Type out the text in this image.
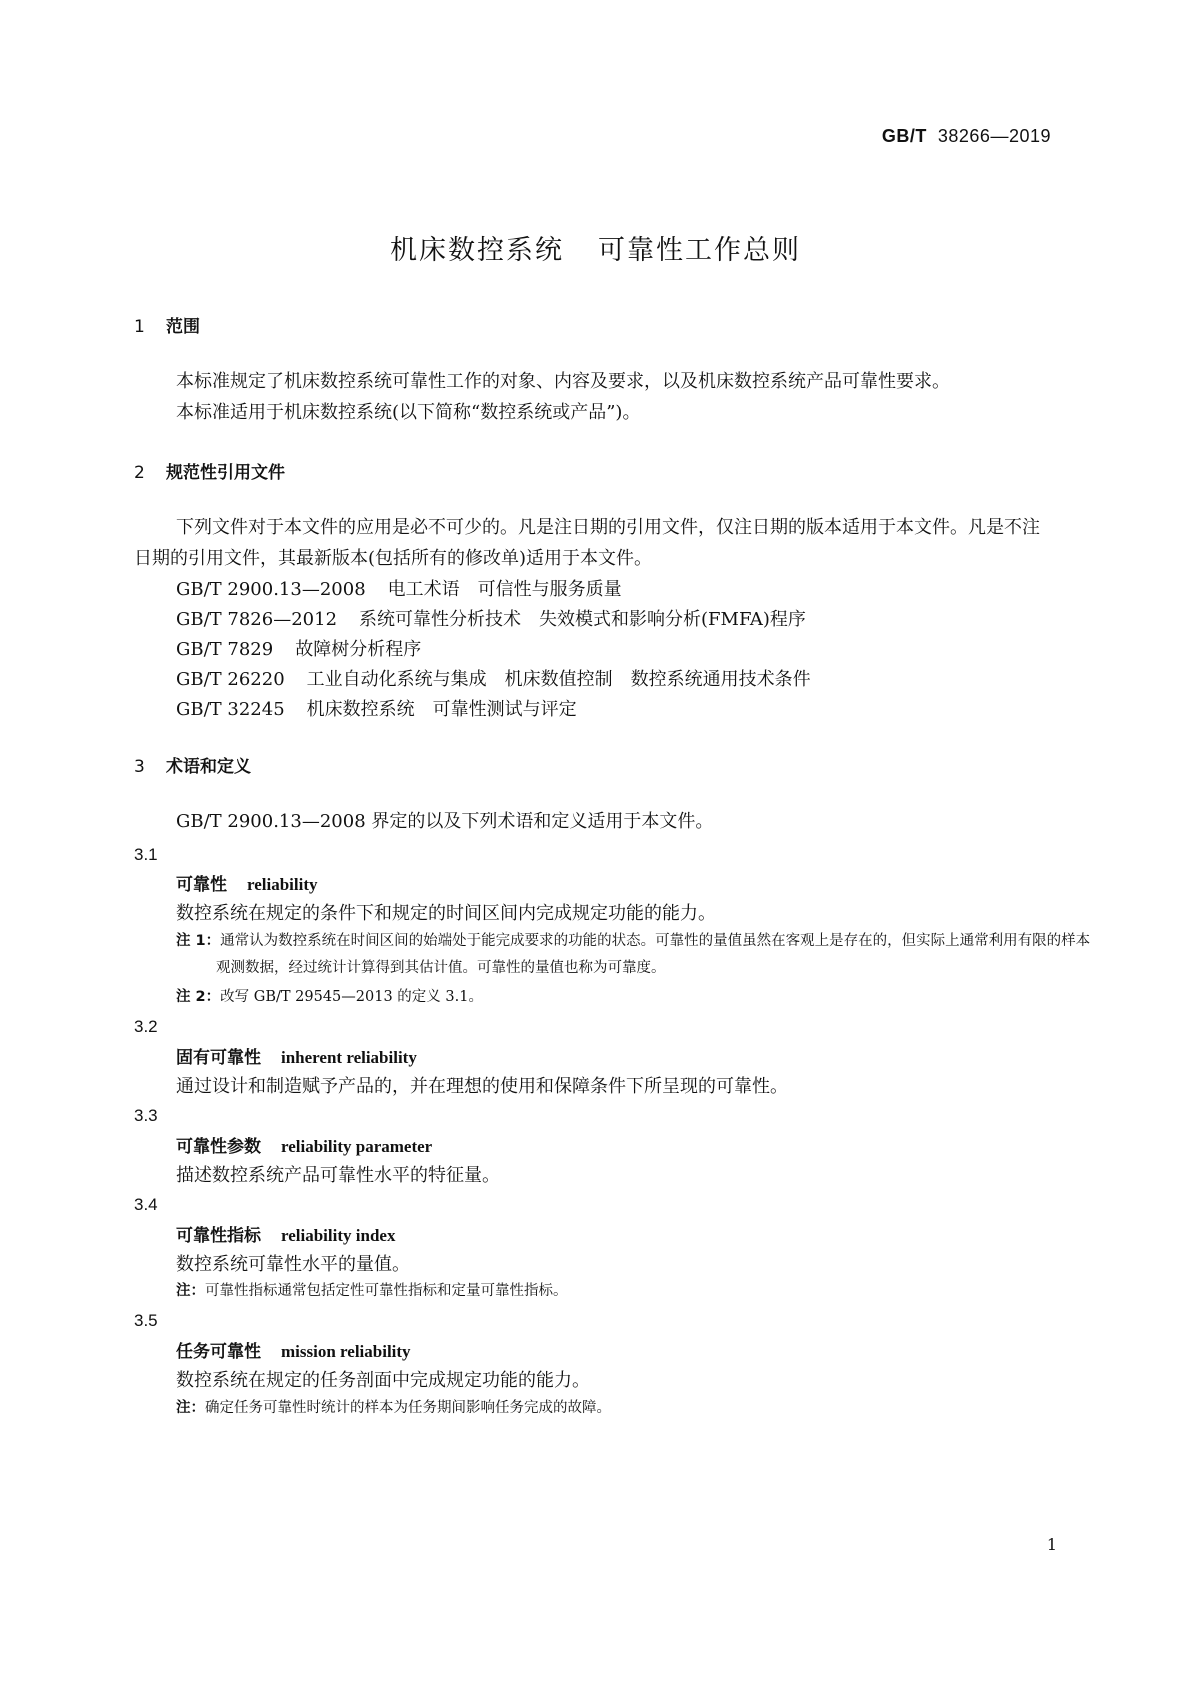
GB/T 38266—2019
机床数控系统 可靠性工作总则
1 范围
本标准规定了机床数控系统可靠性工作的对象、内容及要求，以及机床数控系统产品可靠性要求。
本标准适用于机床数控系统(以下简称“数控系统或产品”)。
2 规范性引用文件
下列文件对于本文件的应用是必不可少的。凡是注日期的引用文件，仅注日期的版本适用于本文件。凡是不注日期的引用文件，其最新版本(包括所有的修改单)适用于本文件。
GB/T 2900.13—2008 电工术语　可信性与服务质量
GB/T 7826—2012 系统可靠性分析技术　失效模式和影响分析(FMFA)程序
GB/T 7829 故障树分析程序
GB/T 26220 工业自动化系统与集成　机床数值控制　数控系统通用技术条件
GB/T 32245 机床数控系统　可靠性测试与评定
3 术语和定义
GB/T 2900.13—2008 界定的以及下列术语和定义适用于本文件。
3.1
可靠性 reliability
数控系统在规定的条件下和规定的时间区间内完成规定功能的能力。
注 1：通常认为数控系统在时间区间的始端处于能完成要求的功能的状态。可靠性的量值虽然在客观上是存在的，但实际上通常利用有限的样本观测数据，经过统计计算得到其估计值。可靠性的量值也称为可靠度。
注 2：改写 GB/T 29545—2013 的定义 3.1。
3.2
固有可靠性 inherent reliability
通过设计和制造赋予产品的，并在理想的使用和保障条件下所呈现的可靠性。
3.3
可靠性参数 reliability parameter
描述数控系统产品可靠性水平的特征量。
3.4
可靠性指标 reliability index
数控系统可靠性水平的量值。
注：可靠性指标通常包括定性可靠性指标和定量可靠性指标。
3.5
任务可靠性 mission reliability
数控系统在规定的任务剖面中完成规定功能的能力。
注：确定任务可靠性时统计的样本为任务期间影响任务完成的故障。
1
